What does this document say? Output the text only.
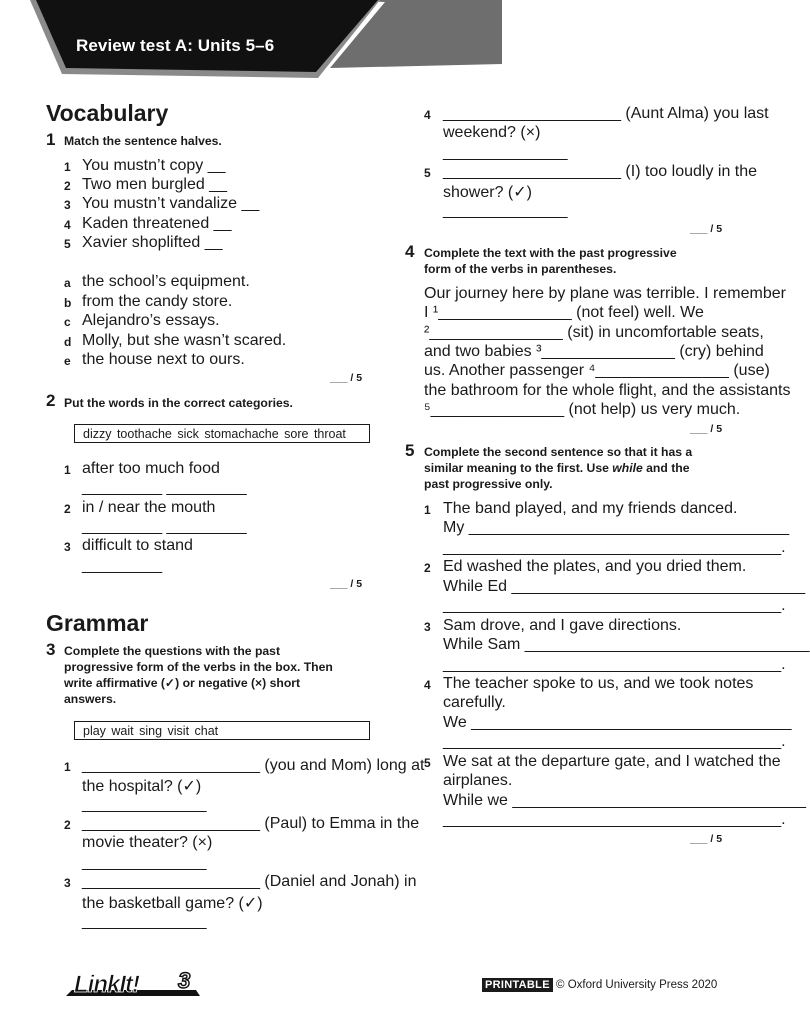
Review test A: Units 5–6
Vocabulary
1 Match the sentence halves.
1 You mustn’t copy __
2 Two men burgled __
3 You mustn’t vandalize __
4 Kaden threatened __
5 Xavier shoplifted __
a the school’s equipment.
b from the candy store.
c Alejandro’s essays.
d Molly, but she wasn’t scared.
e the house next to ours.
___ / 5
2 Put the words in the correct categories.
dizzy toothache sick stomachache sore throat
1 after too much food
_________ _________
2 in / near the mouth
_________ _________
3 difficult to stand
_________
___ / 5
Grammar
3 Complete the questions with the past
progressive form of the verbs in the box. Then
write affirmative (✓) or negative (×) short
answers.
play wait sing visit chat
1 ____________________ (you and Mom) long at
the hospital? (✓)
______________
2 ____________________ (Paul) to Emma in the
movie theater? (×)
______________
3 ____________________ (Daniel and Jonah) in
the basketball game? (✓)
______________
4 ____________________ (Aunt Alma) you last
weekend? (×)
______________
5 ____________________ (I) too loudly in the
shower? (✓)
______________
___ / 5
4 Complete the text with the past progressive
form of the verbs in parentheses.
Our journey here by plane was terrible. I remember
I ¹_______________ (not feel) well. We
²_______________ (sit) in uncomfortable seats,
and two babies ³_______________ (cry) behind
us. Another passenger ⁴_______________ (use)
the bathroom for the whole flight, and the assistants
⁵_______________ (not help) us very much.
___ / 5
5 Complete the second sentence so that it has a
similar meaning to the first. Use while and the
past progressive only.
1 The band played, and my friends danced.
My ____________________________________
______________________________________.
2 Ed washed the plates, and you dried them.
While Ed _________________________________
______________________________________.
3 Sam drove, and I gave directions.
While Sam ________________________________
______________________________________.
4 The teacher spoke to us, and we took notes
carefully.
We ____________________________________
______________________________________.
5 We sat at the departure gate, and I watched the
airplanes.
While we _________________________________
______________________________________.
___ / 5
LinkIt! 3	PRINTABLE © Oxford University Press 2020
